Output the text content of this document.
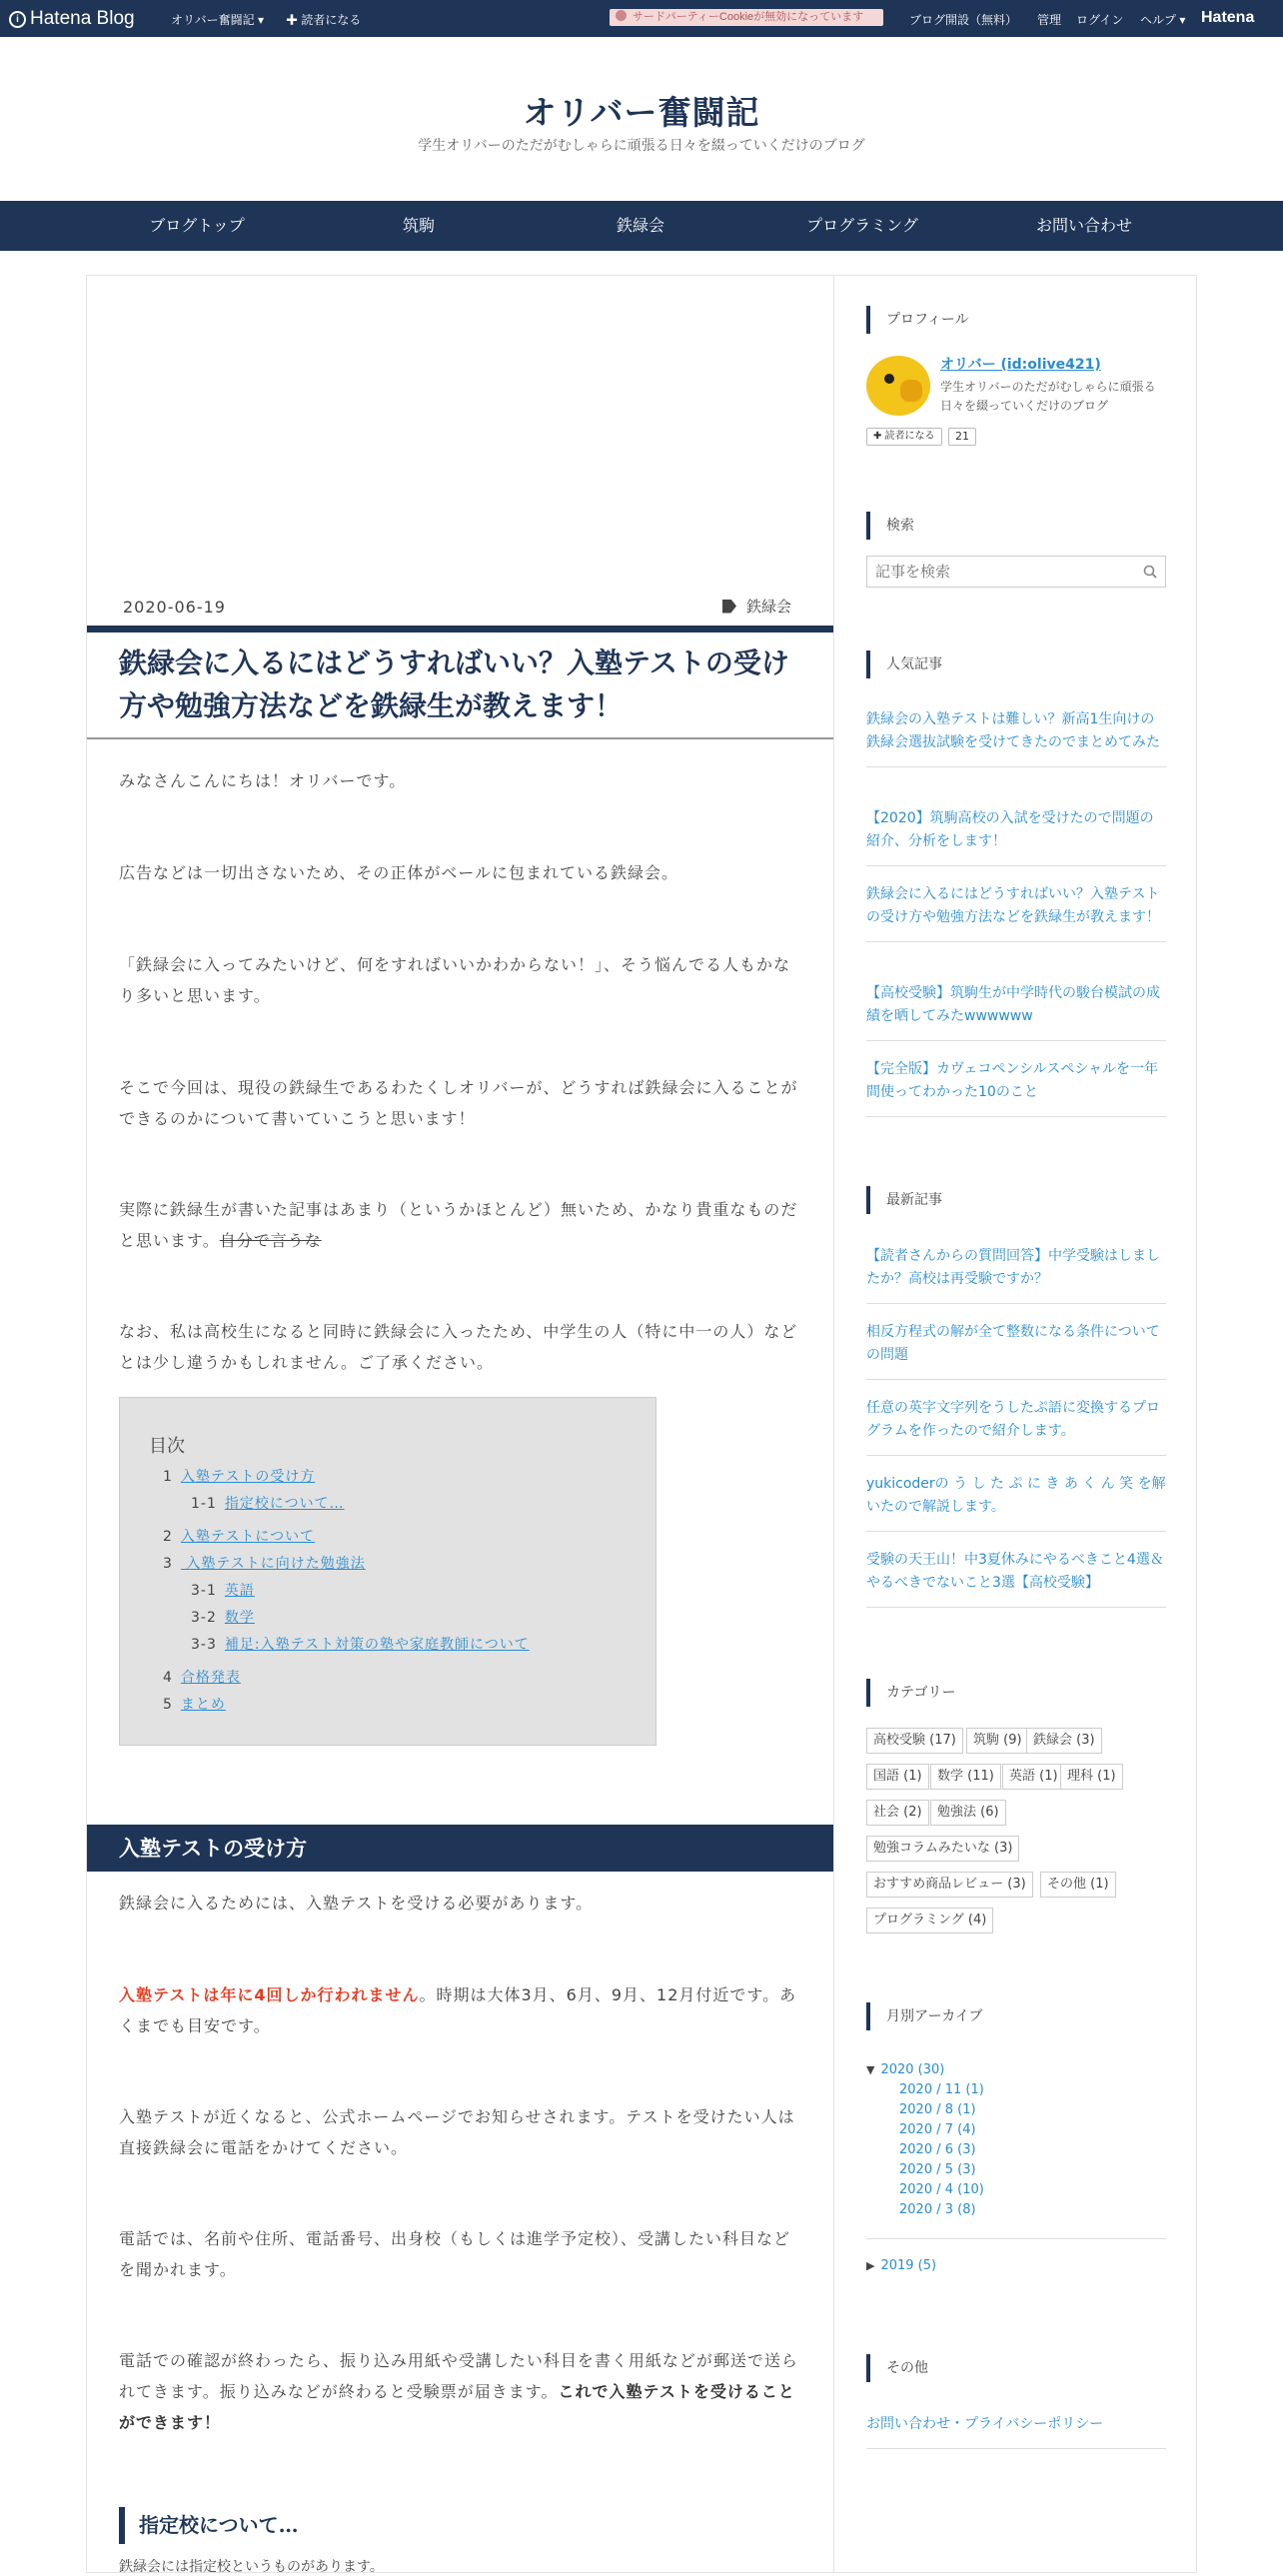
i Hatena Blog	オリバー奮闘記 ▾ ✚ 読者になる	サードパーティーCookieが無効になっています	ブログ開設（無料） 管理 ログイン ヘルプ ▾ Hatena
オリバー奮闘記
学生オリバーのただがむしゃらに頑張る日々を綴っていくだけのブログ
ブログトップ	筑駒	鉄緑会	プログラミング	お問い合わせ
2020-06-19	鉄緑会
鉄緑会に入るにはどうすればいい？入塾テストの受け方や勉強方法などを鉄緑生が教えます！

みなさんこんにちは！オリバーです。

広告などは一切出さないため、その正体がベールに包まれている鉄緑会。

「鉄緑会に入ってみたいけど、何をすればいいかわからない！」、そう悩んでる人もかなり多いと思います。

そこで今回は、現役の鉄緑生であるわたくしオリバーが、どうすれば鉄緑会に入ることができるのかについて書いていこうと思います！

実際に鉄緑生が書いた記事はあまり（というかほとんど）無いため、かなり貴重なものだと思います。自分で言うな

なお、私は高校生になると同時に鉄緑会に入ったため、中学生の人（特に中一の人）などとは少し違うかもしれません。ご了承ください。

目次
1 入塾テストの受け方
1-1 指定校について…
2 入塾テストについて
3 入塾テストに向けた勉強法
3-1 英語
3-2 数学
3-3 補足:入塾テスト対策の塾や家庭教師について
4 合格発表
5 まとめ
入塾テストの受け方

鉄緑会に入るためには、入塾テストを受ける必要があります。

入塾テストは年に4回しか行われません。時期は大体3月、6月、9月、12月付近です。あくまでも目安です。

入塾テストが近くなると、公式ホームページでお知らせされます。テストを受けたい人は直接鉄緑会に電話をかけてください。

電話では、名前や住所、電話番号、出身校（もしくは進学予定校）、受講したい科目などを聞かれます。

電話での確認が終わったら、振り込み用紙や受講したい科目を書く用紙などが郵送で送られてきます。振り込みなどが終わると受験票が届きます。これで入塾テストを受けることができます！

指定校について…

鉄緑会には指定校というものがあります。

プロフィール
オリバー (id:olive421)
学生オリバーのただがむしゃらに頑張る日々を綴っていくだけのブログ
✚ 読者になる	21
検索
記事を検索
人気記事
鉄緑会の入塾テストは難しい？新高1生向けの鉄緑会選抜試験を受けてきたのでまとめてみた
【2020】筑駒高校の入試を受けたので問題の紹介、分析をします！
鉄緑会に入るにはどうすればいい？入塾テストの受け方や勉強方法などを鉄緑生が教えます！
【高校受験】筑駒生が中学時代の駿台模試の成績を晒してみたwwwwww
【完全版】カヴェコペンシルスペシャルを一年間使ってわかった10のこと
最新記事
【読者さんからの質問回答】中学受験はしましたか？高校は再受験ですか？
相反方程式の解が全て整数になる条件についての問題
任意の英字文字列をうしたぷ語に変換するプログラムを作ったので紹介します。
yukicoderの う し た ぷ に き あ く ん 笑 を解いたので解説します。
受験の天王山！中3夏休みにやるべきこと4選＆やるべきでないこと3選【高校受験】
カテゴリー
高校受験 (17)	筑駒 (9) 鉄緑会 (3)
国語 (1)	数学 (11)	英語 (1) 理科 (1)
社会 (2)	勉強法 (6)
勉強コラムみたいな (3)
おすすめ商品レビュー (3)	その他 (1)
プログラミング (4)
月別アーカイブ
▼ 2020 (30)
2020 / 11 (1)
2020 / 8 (1)
2020 / 7 (4)
2020 / 6 (3)
2020 / 5 (3)
2020 / 4 (10)
2020 / 3 (8)
▶ 2019 (5)
その他
お問い合わせ・プライバシーポリシー
